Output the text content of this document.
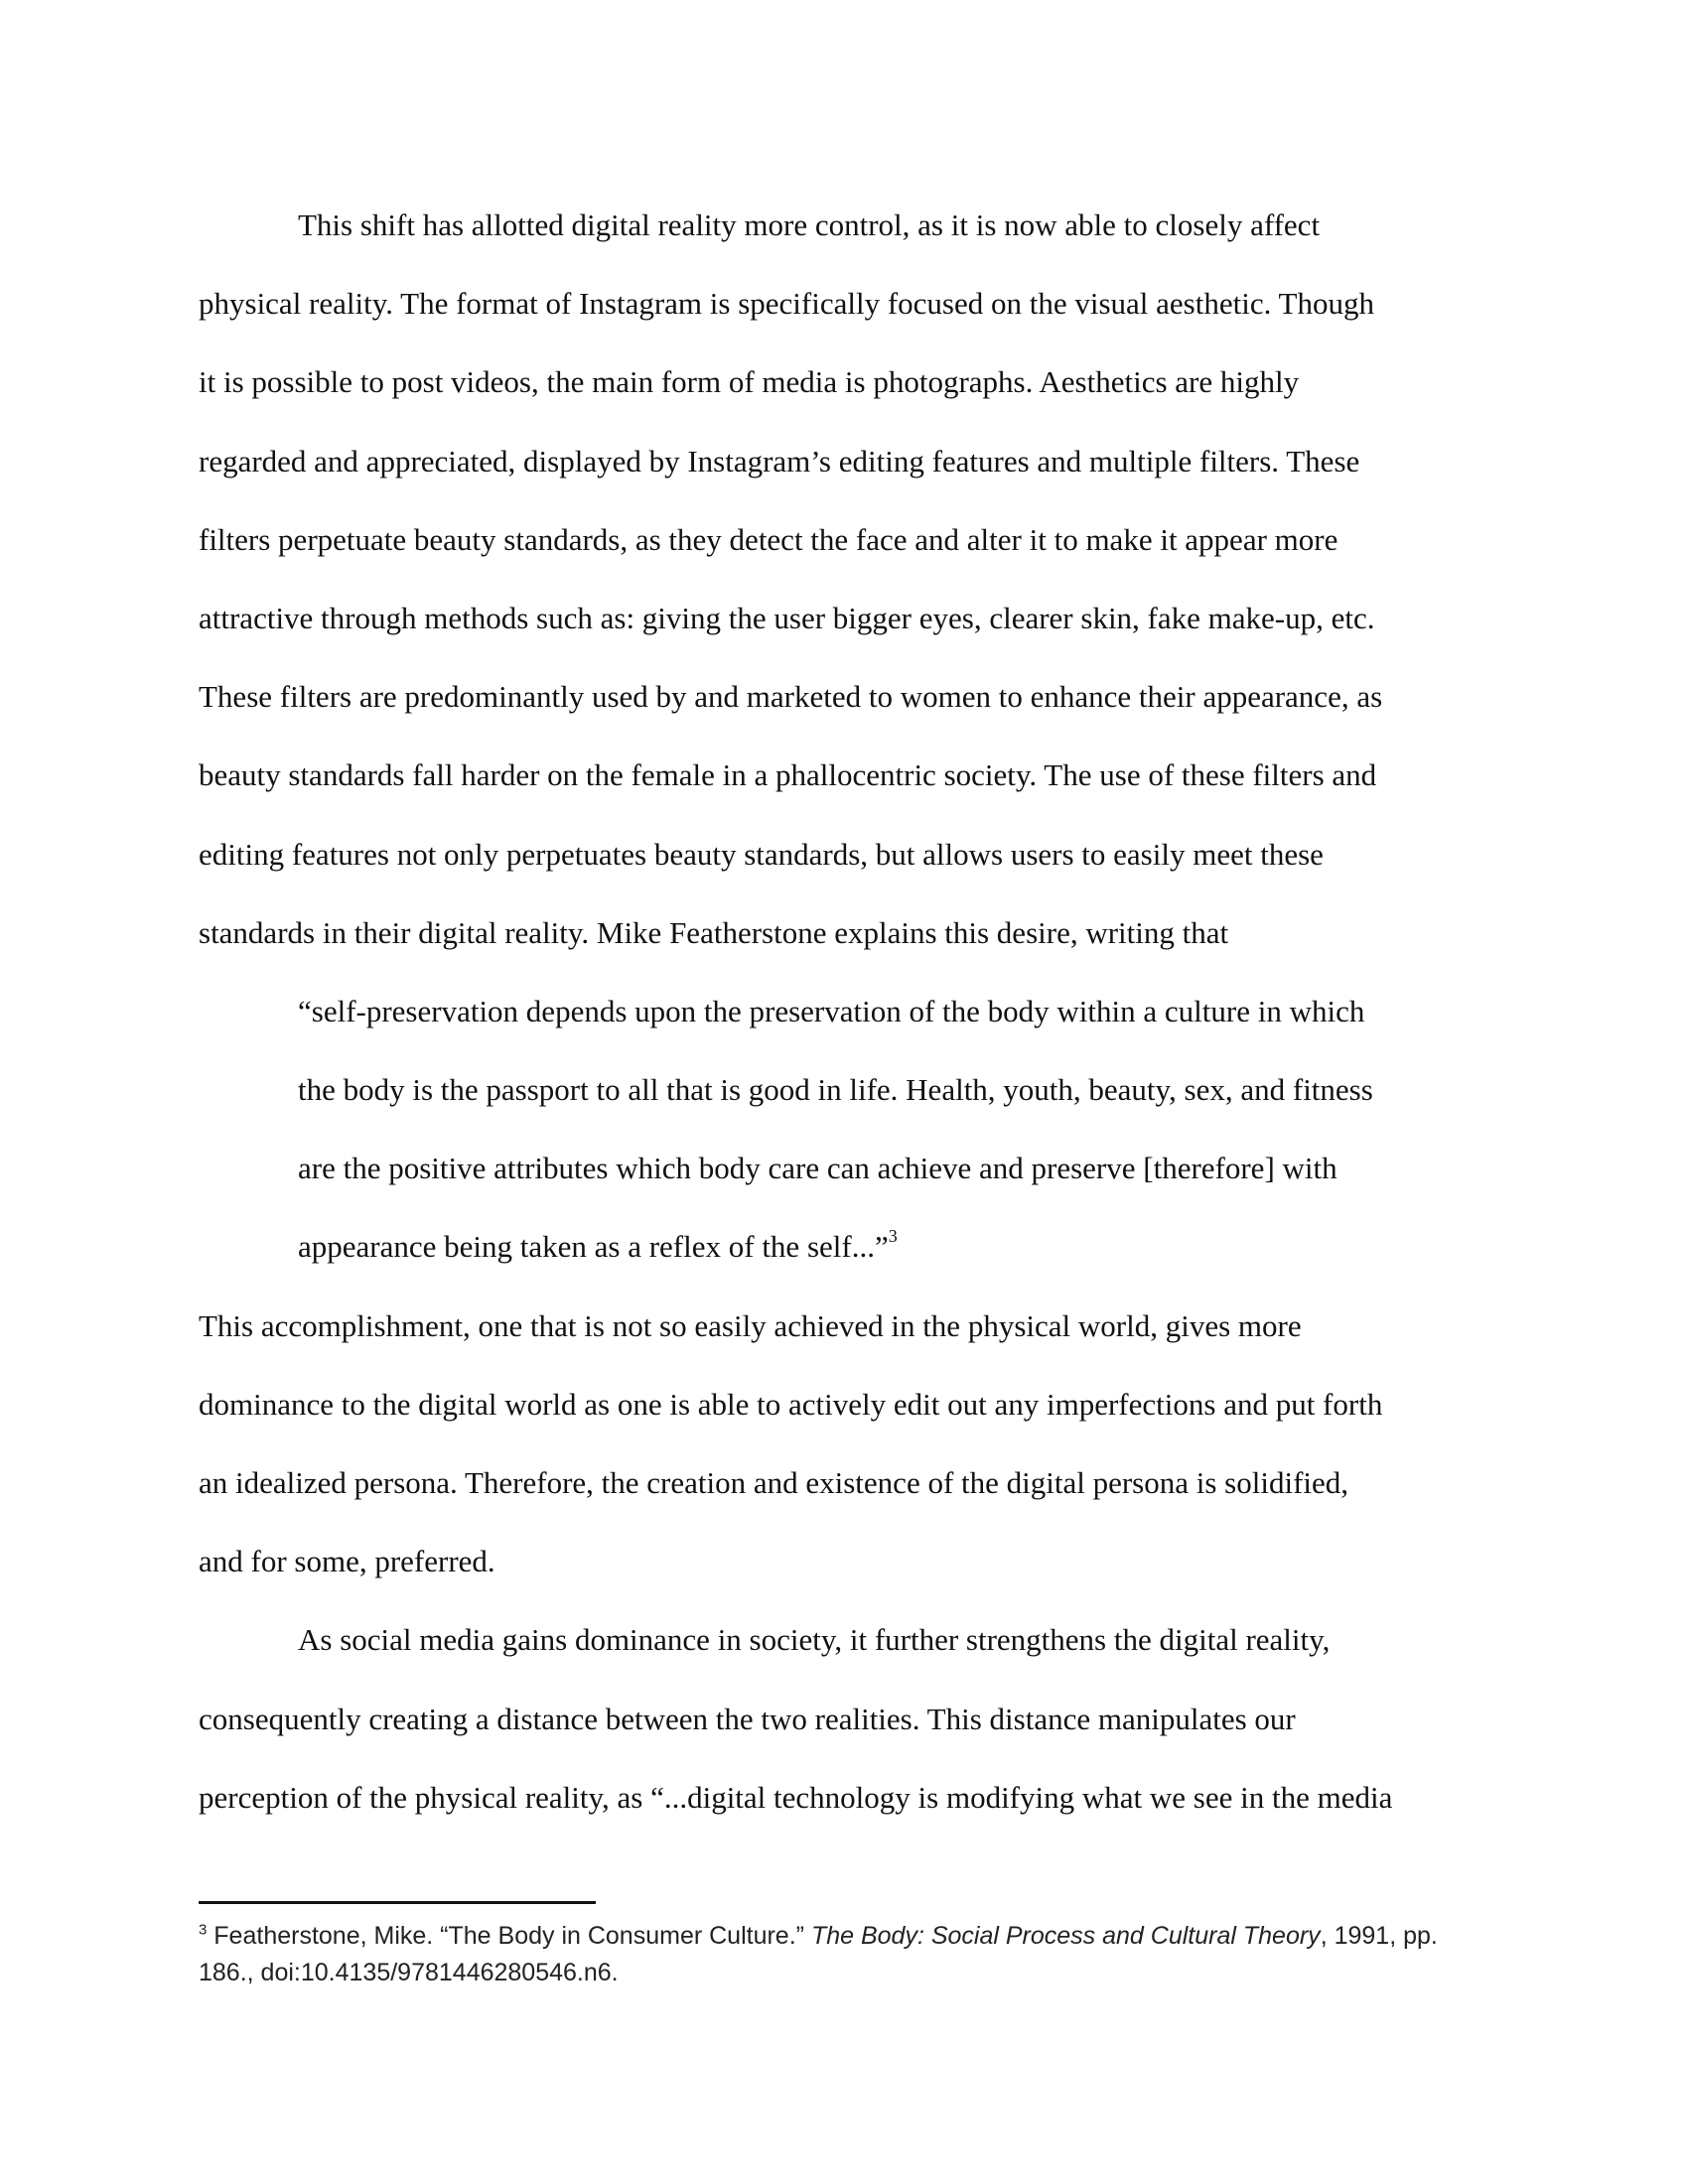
This shift has allotted digital reality more control, as it is now able to closely affect
physical reality. The format of Instagram is specifically focused on the visual aesthetic. Though
it is possible to post videos, the main form of media is photographs. Aesthetics are highly
regarded and appreciated, displayed by Instagram’s editing features and multiple filters. These
filters perpetuate beauty standards, as they detect the face and alter it to make it appear more
attractive through methods such as: giving the user bigger eyes, clearer skin, fake make-up, etc.
These filters are predominantly used by and marketed to women to enhance their appearance, as
beauty standards fall harder on the female in a phallocentric society. The use of these filters and
editing features not only perpetuates beauty standards, but allows users to easily meet these
standards in their digital reality. Mike Featherstone explains this desire, writing that
“self-preservation depends upon the preservation of the body within a culture in which
the body is the passport to all that is good in life. Health, youth, beauty, sex, and fitness
are the positive attributes which body care can achieve and preserve [therefore] with
appearance being taken as a reflex of the self...”$^3$
This accomplishment, one that is not so easily achieved in the physical world, gives more
dominance to the digital world as one is able to actively edit out any imperfections and put forth
an idealized persona. Therefore, the creation and existence of the digital persona is solidified,
and for some, preferred.
As social media gains dominance in society, it further strengthens the digital reality,
consequently creating a distance between the two realities. This distance manipulates our
perception of the physical reality, as “...digital technology is modifying what we see in the media
$^3$ Featherstone, Mike. “The Body in Consumer Culture.” The Body: Social Process and Cultural Theory, 1991, pp.
186., doi:10.4135/9781446280546.n6.
